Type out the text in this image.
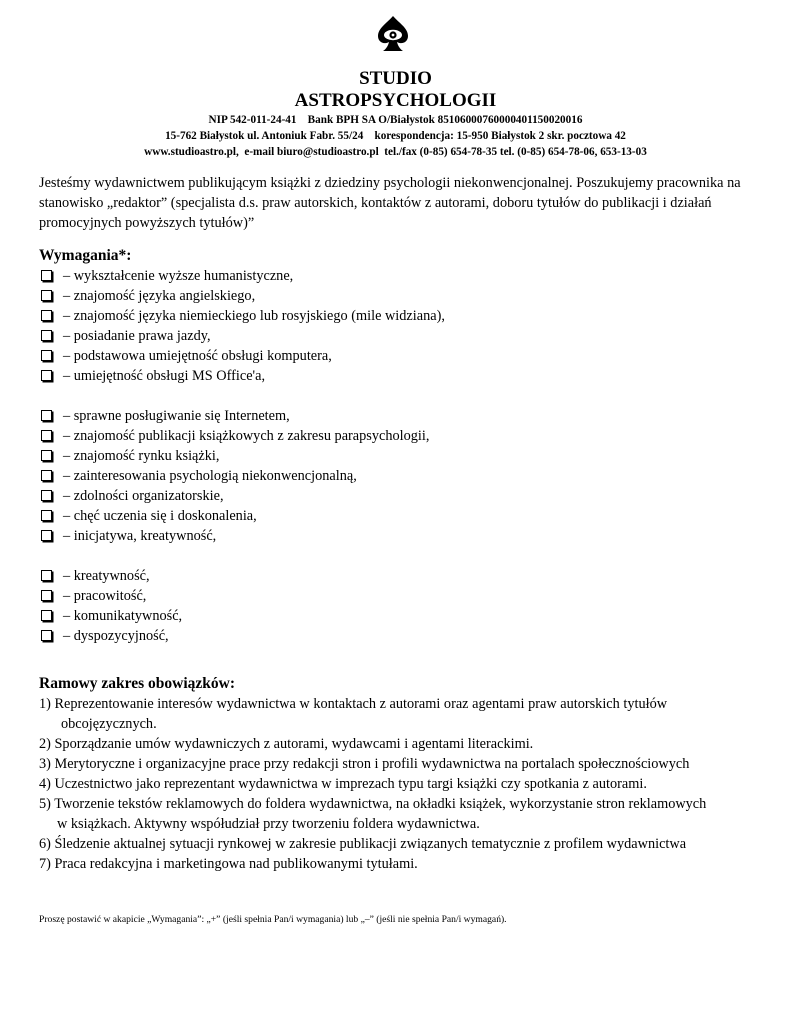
STUDIO
ASTROPSYCHOLOGII

NIP 542-011-24-41    Bank BPH SA O/Białystok 85106000760000401150020016

15-762 Białystok ul. Antoniuk Fabr. 55/24    korespondencja: 15-950 Białystok 2 skr. pocztowa 42

www.studioastro.pl,  e-mail biuro@studioastro.pl  tel./fax (0-85) 654-78-35 tel. (0-85) 654-78-06, 653-13-03

Jesteśmy wydawnictwem publikującym książki z dziedziny psychologii niekonwencjonalnej. Poszukujemy pracownika na
stanowisko „redaktor” (specjalista d.s. praw autorskich, kontaktów z autorami, doboru tytułów do publikacji i działań
promocyjnych powyższych tytułów)”

Wymagania*:
– wykształcenie wyższe humanistyczne,
– znajomość języka angielskiego,
– znajomość języka niemieckiego lub rosyjskiego (mile widziana),
– posiadanie prawa jazdy,
– podstawowa umiejętność obsługi komputera,
– umiejętność obsługi MS Office'a,
– sprawne posługiwanie się Internetem,
– znajomość publikacji książkowych z zakresu parapsychologii,
– znajomość rynku książki,
– zainteresowania psychologią niekonwencjonalną,
– zdolności organizatorskie,
– chęć uczenia się i doskonalenia,
– inicjatywa, kreatywność,
– kreatywność,
– pracowitość,
– komunikatywność,
– dyspozycyjność,
Ramowy zakres obowiązków:
1) Reprezentowanie interesów wydawnictwa w kontaktach z autorami oraz agentami praw autorskich tytułów
obcojęzycznych.
2) Sporządzanie umów wydawniczych z autorami, wydawcami i agentami literackimi.
3) Merytoryczne i organizacyjne prace przy redakcji stron i profili wydawnictwa na portalach społecznościowych
4) Uczestnictwo jako reprezentant wydawnictwa w imprezach typu targi książki czy spotkania z autorami.
5) Tworzenie tekstów reklamowych do foldera wydawnictwa, na okładki książek, wykorzystanie stron reklamowych
w książkach. Aktywny współudział przy tworzeniu foldera wydawnictwa.
6) Śledzenie aktualnej sytuacji rynkowej w zakresie publikacji związanych tematycznie z profilem wydawnictwa
7) Praca redakcyjna i marketingowa nad publikowanymi tytułami.

Proszę postawić w akapicie „Wymagania”: „+” (jeśli spełnia Pan/i wymagania) lub „–” (jeśli nie spełnia Pan/i wymagań).
